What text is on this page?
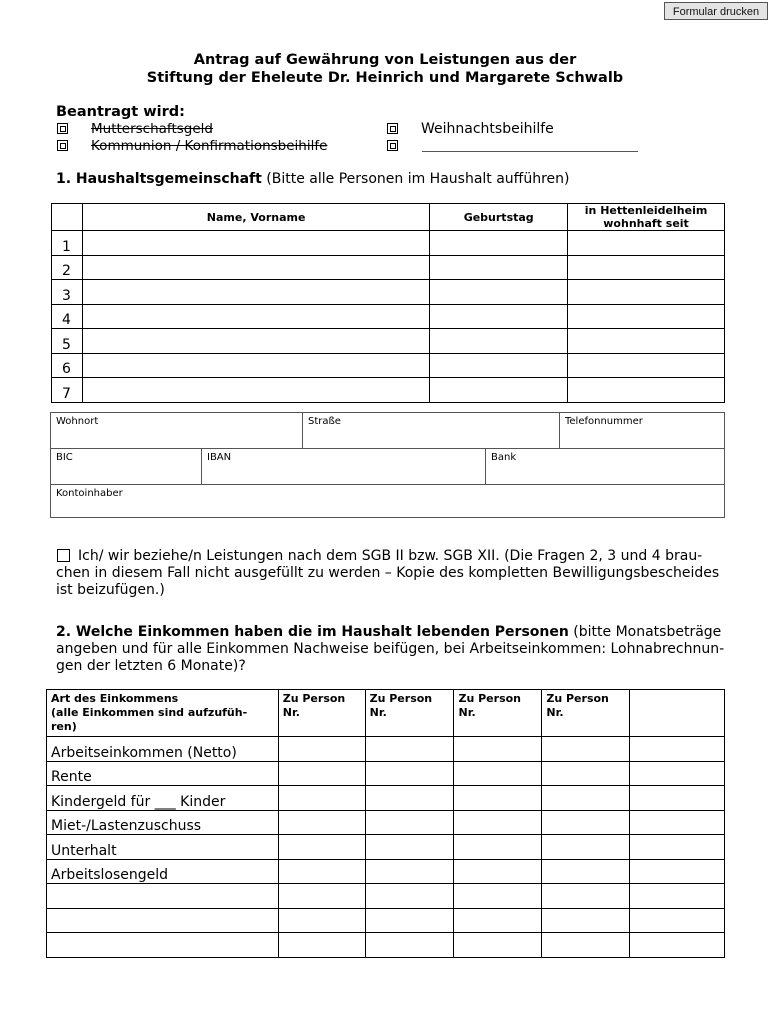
Formular drucken
Antrag auf Gewährung von Leistungen aus der
Stiftung der Eheleute Dr. Heinrich und Margarete Schwalb
Beantragt wird:
Mutterschaftsgeld
Kommunion / Konfirmationsbeihilfe
Weihnachtsbeihilfe
1. Haushaltsgemeinschaft (Bitte alle Personen im Haushalt aufführen)
	Name, Vorname	Geburtstag	in Hettenleidelheim wohnhaft seit
1			
2			
3			
4			
5			
6			
7			
Wohnort	Straße	Telefonnummer
BIC	IBAN	Bank
Kontoinhaber
Ich/ wir beziehe/n Leistungen nach dem SGB II bzw. SGB XII. (Die Fragen 2, 3 und 4 brau-
chen in diesem Fall nicht ausgefüllt zu werden – Kopie des kompletten Bewilligungsbescheides
ist beizufügen.)
2. Welche Einkommen haben die im Haushalt lebenden Personen (bitte Monatsbeträge
angeben und für alle Einkommen Nachweise beifügen, bei Arbeitseinkommen: Lohnabrechnun-
gen der letzten 6 Monate)?
Art des Einkommens
(alle Einkommen sind aufzufüh-
ren)	Zu Person
Nr.	Zu Person
Nr.	Zu Person
Nr.	Zu Person
Nr.	
Arbeitseinkommen (Netto)					
Rente					
Kindergeld für ___ Kinder					
Miet-/Lastenzuschuss					
Unterhalt					
Arbeitslosengeld					
